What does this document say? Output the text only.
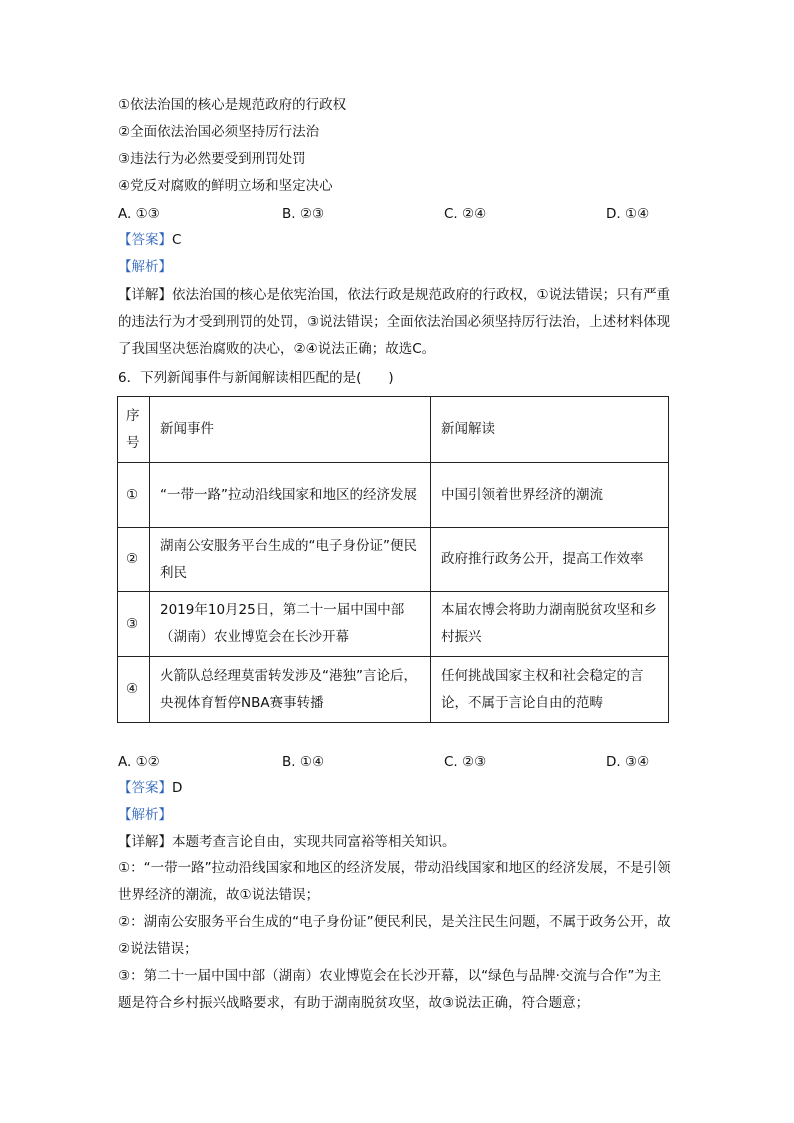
①依法治国的核心是规范政府的行政权
②全面依法治国必须坚持厉行法治
③违法行为必然要受到刑罚处罚
④党反对腐败的鲜明立场和坚定决心
A. ①③	B. ②③	C. ②④	D. ①④
【答案】C
【解析】
【详解】依法治国的核心是依宪治国，依法行政是规范政府的行政权，①说法错误；只有严重的违法行为才受到刑罚的处罚，③说法错误；全面依法治国必须坚持厉行法治，上述材料体现了我国坚决惩治腐败的决心，②④说法正确；故选C。
6．下列新闻事件与新闻解读相匹配的是(　　)
序号	新闻事件	新闻解读
①	“一带一路”拉动沿线国家和地区的经济发展	中国引领着世界经济的潮流
②	湖南公安服务平台生成的“电子身份证”便民利民	政府推行政务公开，提高工作效率
③	2019年10月25日，第二十一届中国中部（湖南）农业博览会在长沙开幕	本届农博会将助力湖南脱贫攻坚和乡村振兴
④	火箭队总经理莫雷转发涉及“港独”言论后，央视体育暂停NBA赛事转播	任何挑战国家主权和社会稳定的言论，不属于言论自由的范畴
A. ①②	B. ①④	C. ②③	D. ③④
【答案】D
【解析】
【详解】本题考查言论自由，实现共同富裕等相关知识。
①：“一带一路”拉动沿线国家和地区的经济发展，带动沿线国家和地区的经济发展，不是引领世界经济的潮流，故①说法错误；
②：湖南公安服务平台生成的“电子身份证”便民利民，是关注民生问题，不属于政务公开，故②说法错误；
③：第二十一届中国中部（湖南）农业博览会在长沙开幕，以“绿色与品牌·交流与合作”为主题是符合乡村振兴战略要求，有助于湖南脱贫攻坚，故③说法正确，符合题意；
